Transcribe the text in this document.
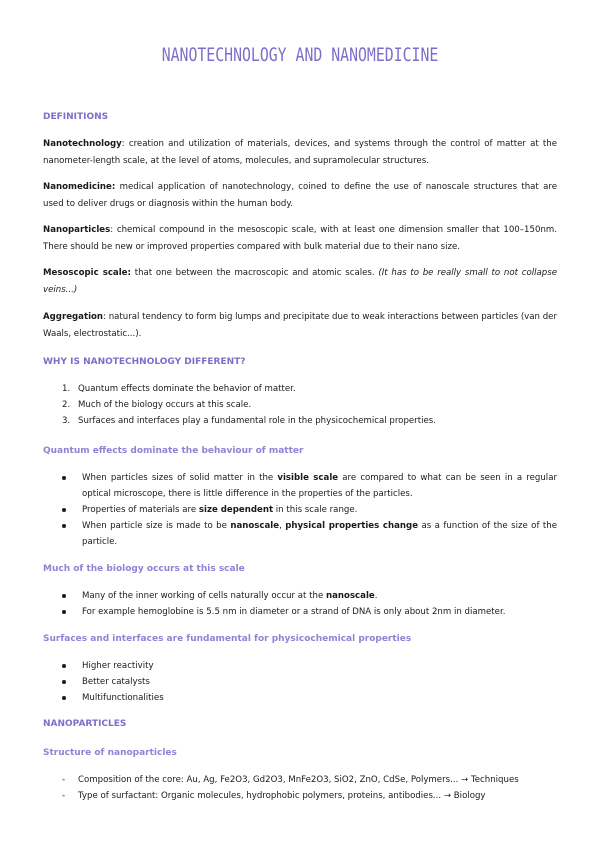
NANOTECHNOLOGY AND NANOMEDICINE
DEFINITIONS

Nanotechnology: creation and utilization of materials, devices, and systems through the control of matter at the nanometer-length scale, at the level of atoms, molecules, and supramolecular structures.

Nanomedicine: medical application of nanotechnology, coined to define the use of nanoscale structures that are used to deliver drugs or diagnosis within the human body.

Nanoparticles: chemical compound in the mesoscopic scale, with at least one dimension smaller that 100–150nm. There should be new or improved properties compared with bulk material due to their nano size.

Mesoscopic scale: that one between the macroscopic and atomic scales. (It has to be really small to not collapse veins...)

Aggregation: natural tendency to form big lumps and precipitate due to weak interactions between particles (van der Waals, electrostatic...).

WHY IS NANOTECHNOLOGY DIFFERENT?
1. Quantum effects dominate the behavior of matter.
2. Much of the biology occurs at this scale.
3. Surfaces and interfaces play a fundamental role in the physicochemical properties.
Quantum effects dominate the behaviour of matter
When particles sizes of solid matter in the visible scale are compared to what can be seen in a regular optical microscope, there is little difference in the properties of the particles.
Properties of materials are size dependent in this scale range.
When particle size is made to be nanoscale, physical properties change as a function of the size of the particle.
Much of the biology occurs at this scale
Many of the inner working of cells naturally occur at the nanoscale.
For example hemoglobine is 5.5 nm in diameter or a strand of DNA is only about 2nm in diameter.
Surfaces and interfaces are fundamental for physicochemical properties
Higher reactivity
Better catalysts
Multifunctionalities
NANOPARTICLES
Structure of nanoparticles
- Composition of the core: Au, Ag, Fe2O3, Gd2O3, MnFe2O3, SiO2, ZnO, CdSe, Polymers... → Techniques
- Type of surfactant: Organic molecules, hydrophobic polymers, proteins, antibodies... → Biology
